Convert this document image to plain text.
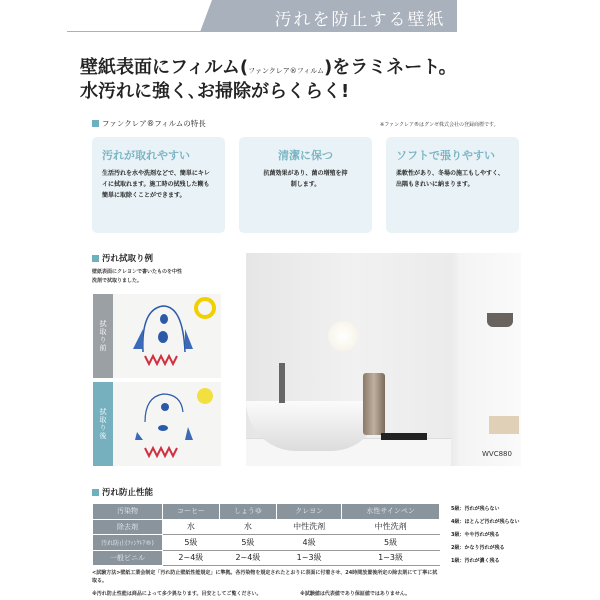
汚れを防止する壁紙
壁紙表面にフィルム(ファンクレア®フィルム)をラミネート。
水汚れに強く､お掃除がらくらく!
ファンクレア®フィルムの特長	※ファンクレア®はグンゼ株式会社の登録商標です。
汚れが取れやすい

生活汚れを水や洗剤などで、簡単にキレイに拭取れます。施工時の拭残した糊も簡単に取除くことができます。

清潔に保つ

抗菌効果があり、菌の増殖を抑制します。

ソフトで張りやすい

柔軟性があり、冬場の施工もしやすく、出隅もきれいに納まります。

汚れ拭取り例
壁紙表面にクレヨンで書いたものを中性洗剤で拭取りました。
拭取り前
拭取り後
WVC880
汚れ防止性能
汚染物	コーヒー	しょうゆ	クレヨン	水性サインペン
除去剤	水	水	中性洗剤	中性洗剤
汚れ防止(ﾌｧﾝｸﾚｱ®)	5級	5級	4級	5級
一般ビニル	2~4級	2~4級	1~3級	1~3級
5級：汚れが残らない
4級：ほとんど汚れが残らない
3級：やや汚れが残る
2級：かなり汚れが残る
1級：汚れが濃く残る
<試験方法>壁紙工業会制定「汚れ防止壁紙性能規定」に準拠。各汚染物を規定されたとおりに表面に付着させ、24時間放置後所定の除去剤にて丁寧に拭取る。
※汚れ防止性能は商品によって多少異なります。目安としてご覧ください。	※試験値は代表値であり保証値ではありません。
